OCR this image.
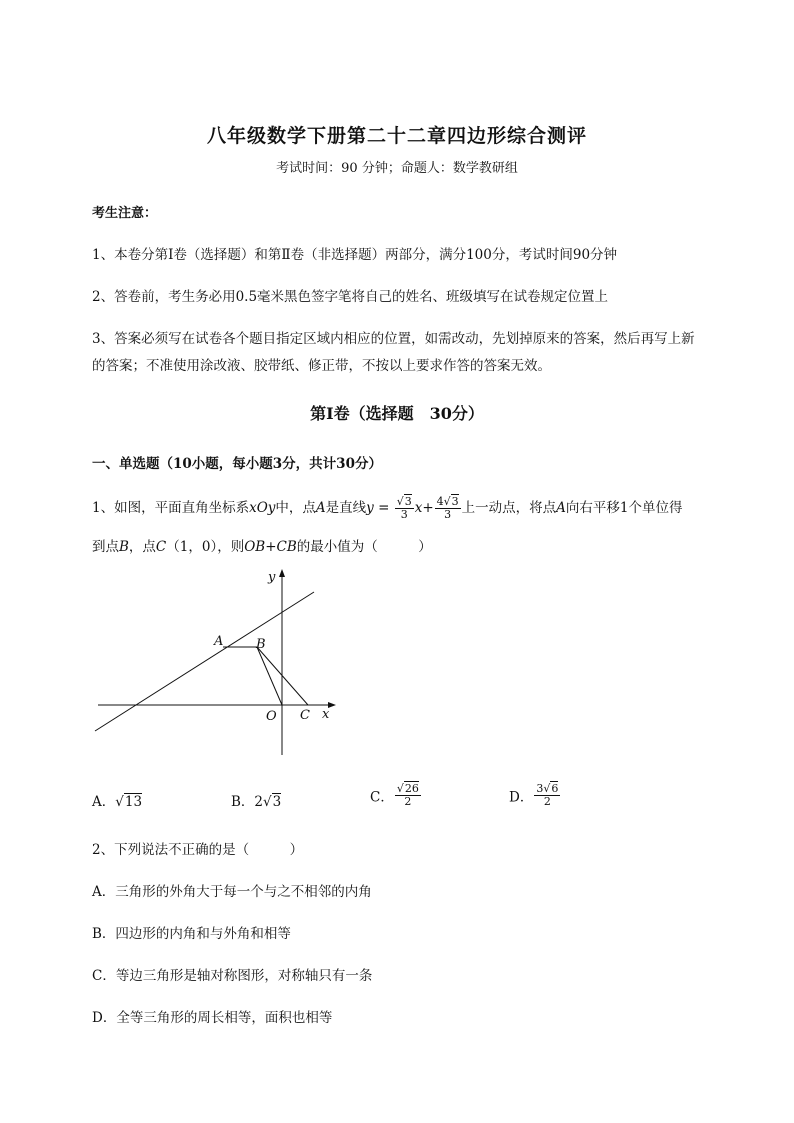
八年级数学下册第二十二章四边形综合测评
考试时间：90 分钟；命题人：数学教研组
考生注意：
1、本卷分第Ⅰ卷（选择题）和第Ⅱ卷（非选择题）两部分，满分100分，考试时间90分钟
2、答卷前，考生务必用0.5毫米黑色签字笔将自己的姓名、班级填写在试卷规定位置上
3、答案必须写在试卷各个题目指定区域内相应的位置，如需改动，先划掉原来的答案，然后再写上新
的答案；不准使用涂改液、胶带纸、修正带，不按以上要求作答的答案无效。
第Ⅰ卷（选择题　30分）
一、单选题（10小题，每小题3分，共计30分）
1、如图，平面直角坐标系xOy中，点A是直线$y = \frac{√3}{3} x+ \frac{4√3}{3}$ 上一动点，将点A向右平移1个单位得
到点B，点C（1，0），则OB+CB的最小值为（　　　）
y
x
A	B
O C
A．√13	B．2√3	C． $\frac{√26}{2}$	D． $\frac{3√6}{2}$
2、下列说法不正确的是（　　　）
A．三角形的外角大于每一个与之不相邻的内角
B．四边形的内角和与外角和相等
C．等边三角形是轴对称图形，对称轴只有一条
D．全等三角形的周长相等，面积也相等
